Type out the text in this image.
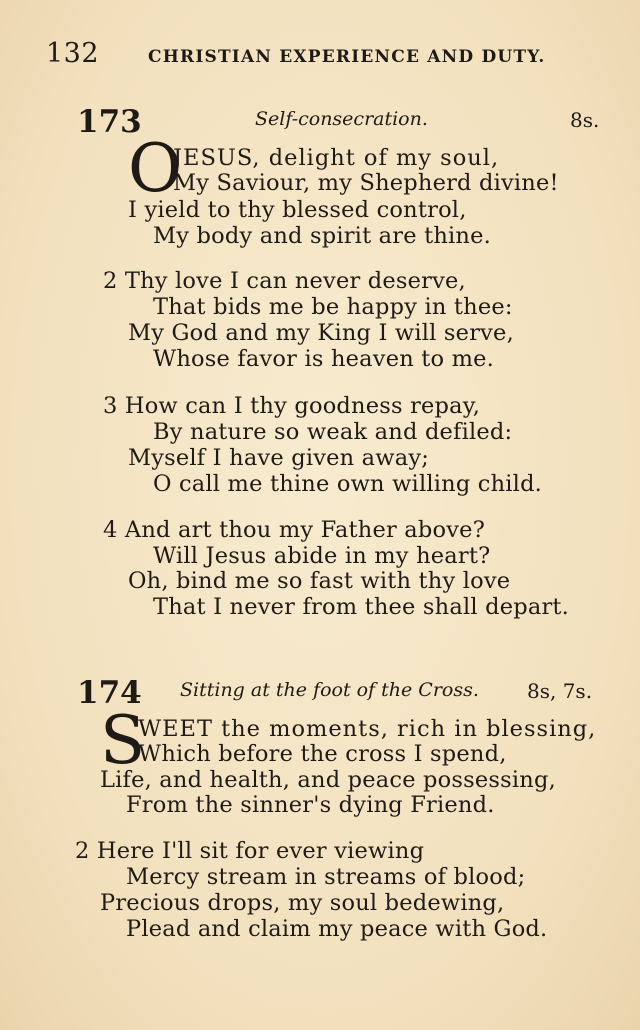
132	CHRISTIAN EXPERIENCE AND DUTY.
173	Self-consecration.	8s.
O
JESUS, delight of my soul,
My Saviour, my Shepherd divine!
I yield to thy blessed control,
My body and spirit are thine.
2 Thy love I can never deserve,
That bids me be happy in thee:
My God and my King I will serve,
Whose favor is heaven to me.
3 How can I thy goodness repay,
By nature so weak and defiled:
Myself I have given away;
O call me thine own willing child.
4 And art thou my Father above?
Will Jesus abide in my heart?
Oh, bind me so fast with thy love
That I never from thee shall depart.
174 Sitting at the foot of the Cross. 8s, 7s.
S
WEET the moments, rich in blessing,
Which before the cross I spend,
Life, and health, and peace possessing,
From the sinner's dying Friend.
2 Here I'll sit for ever viewing
Mercy stream in streams of blood;
Precious drops, my soul bedewing,
Plead and claim my peace with God.
